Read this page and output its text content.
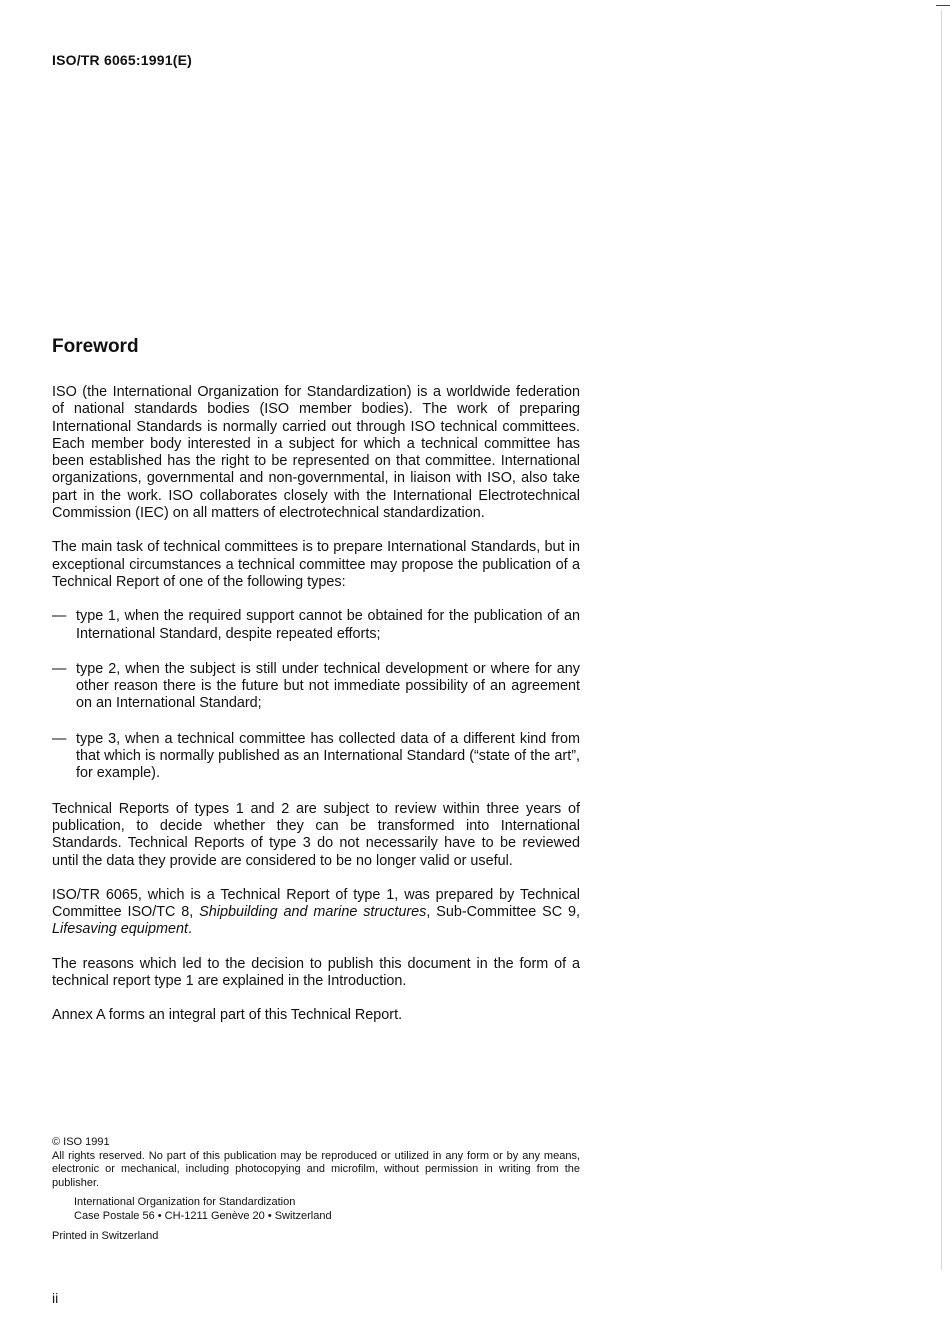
ISO/TR 6065:1991(E)
Foreword

ISO (the International Organization for Standardization) is a worldwide federation of national standards bodies (ISO member bodies). The work of preparing International Standards is normally carried out through ISO technical committees. Each member body interested in a subject for which a technical committee has been established has the right to be represented on that committee. International organizations, governmental and non-governmental, in liaison with ISO, also take part in the work. ISO collaborates closely with the International Electrotechnical Commission (IEC) on all matters of electrotechnical standardization.

The main task of technical committees is to prepare International Standards, but in exceptional circumstances a technical committee may propose the publication of a Technical Report of one of the following types:

— type 1, when the required support cannot be obtained for the publication of an International Standard, despite repeated efforts;
— type 2, when the subject is still under technical development or where for any other reason there is the future but not immediate possibility of an agreement on an International Standard;
— type 3, when a technical committee has collected data of a different kind from that which is normally published as an International Standard (“state of the art”, for example).

Technical Reports of types 1 and 2 are subject to review within three years of publication, to decide whether they can be transformed into International Standards. Technical Reports of type 3 do not necessarily have to be reviewed until the data they provide are considered to be no longer valid or useful.

ISO/TR 6065, which is a Technical Report of type 1, was prepared by Technical Committee ISO/TC 8, Shipbuilding and marine structures, Sub-Committee SC 9, Lifesaving equipment.

The reasons which led to the decision to publish this document in the form of a technical report type 1 are explained in the Introduction.

Annex A forms an integral part of this Technical Report.

© ISO 1991

All rights reserved. No part of this publication may be reproduced or utilized in any form or by any means, electronic or mechanical, including photocopying and microfilm, without permission in writing from the publisher.

International Organization for Standardization

Case Postale 56 • CH-1211 Genève 20 • Switzerland

Printed in Switzerland

ii
